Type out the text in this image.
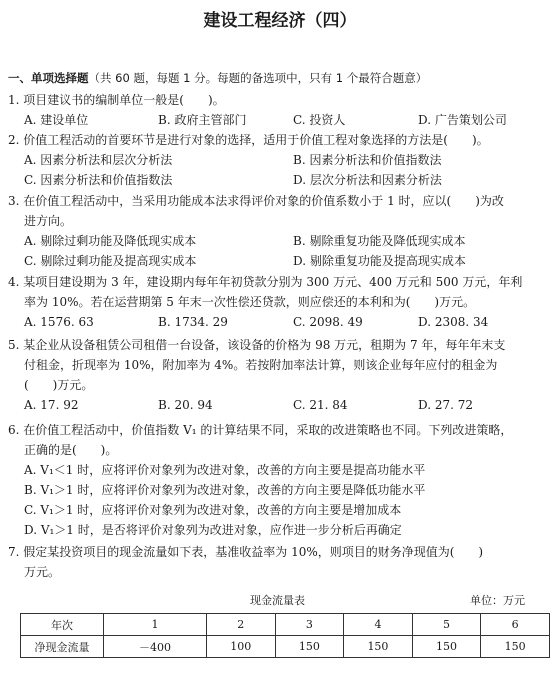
建设工程经济（四）
一、单项选择题（共 60 题，每题 1 分。每题的备选项中，只有 1 个最符合题意）
1. 项目建议书的编制单位一般是(　　)。
A. 建设单位	B. 政府主管部门	C. 投资人	D. 广告策划公司
2. 价值工程活动的首要环节是进行对象的选择，适用于价值工程对象选择的方法是(　　)。
A. 因素分析法和层次分析法	B. 因素分析法和价值指数法
C. 因素分析法和价值指数法	D. 层次分析法和因素分析法
3. 在价值工程活动中，当采用功能成本法求得评价对象的价值系数小于 1 时，应以(　　)为改
进方向。
A. 剔除过剩功能及降低现实成本	B. 剔除重复功能及降低现实成本
C. 剔除过剩功能及提高现实成本	D. 剔除重复功能及提高现实成本
4. 某项目建设期为 3 年，建设期内每年年初贷款分别为 300 万元、400 万元和 500 万元，年利
率为 10%。若在运营期第 5 年末一次性偿还贷款，则应偿还的本利和为(　　)万元。
A. 1576. 63	B. 1734. 29	C. 2098. 49	D. 2308. 34
5. 某企业从设备租赁公司租借一台设备，该设备的价格为 98 万元，租期为 7 年，每年年末支
付租金，折现率为 10%，附加率为 4%。若按附加率法计算，则该企业每年应付的租金为
(　　)万元。
A. 17. 92	B. 20. 94	C. 21. 84	D. 27. 72
6. 在价值工程活动中，价值指数 V₁ 的计算结果不同，采取的改进策略也不同。下列改进策略，
正确的是(　　)。
A. V₁＜1 时，应将评价对象列为改进对象，改善的方向主要是提高功能水平
B. V₁＞1 时，应将评价对象列为改进对象，改善的方向主要是降低功能水平
C. V₁＞1 时，应将评价对象列为改进对象，改善的方向主要是增加成本
D. V₁＞1 时，是否将评价对象列为改进对象，应作进一步分析后再确定
7. 假定某投资项目的现金流量如下表，基准收益率为 10%，则项目的财务净现值为(　　)
万元。
现金流量表	单位：万元
年次	1	2	3	4	5	6
净现金流量	－400	100	150	150	150	150
